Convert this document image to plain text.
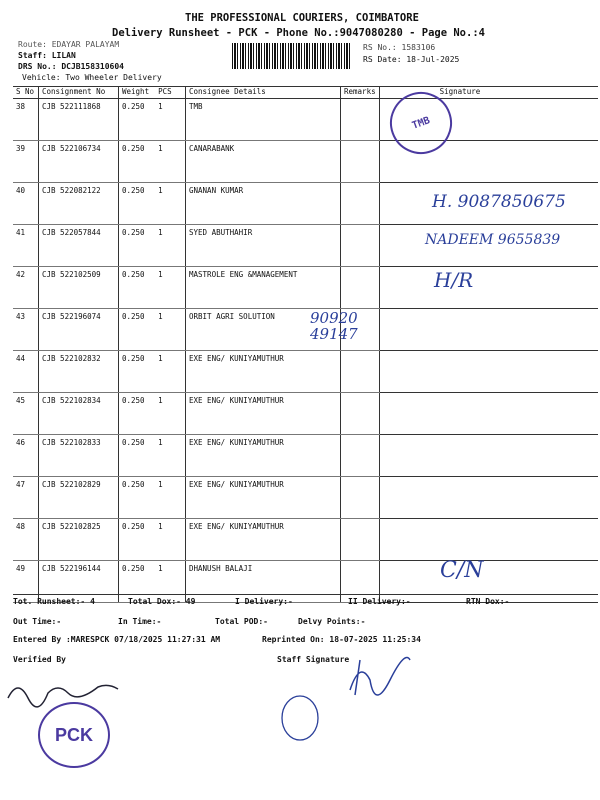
THE PROFESSIONAL COURIERS, COIMBATORE
Delivery Runsheet - PCK - Phone No.:9047080280 - Page No.:4
Route: EDAYAR PALAYAM
Staff: LILAN
DRS No.: DCJB158310604
Vehicle: Two Wheeler Delivery
RS No.: 1583106
RS Date: 18-Jul-2025
S No	Consignment No	Weight PCS	Consignee Details	Remarks	Signature
38	CJB 522111868	0.250 1	TMB		
39	CJB 522106734	0.250 1	CANARABANK		
40	CJB 522082122	0.250 1	GNANAN KUMAR		
41	CJB 522057844	0.250 1	SYED ABUTHAHIR		
42	CJB 522102509	0.250 1	MASTROLE ENG &MANAGEMENT		
43	CJB 522196074	0.250 1	ORBIT AGRI SOLUTION		
44	CJB 522102832	0.250 1	EXE ENG/ KUNIYAMUTHUR		
45	CJB 522102834	0.250 1	EXE ENG/ KUNIYAMUTHUR		
46	CJB 522102833	0.250 1	EXE ENG/ KUNIYAMUTHUR		
47	CJB 522102829	0.250 1	EXE ENG/ KUNIYAMUTHUR		
48	CJB 522102825	0.250 1	EXE ENG/ KUNIYAMUTHUR		
49	CJB 522196144	0.250 1	DHANUSH BALAJI		
TMB
H. 9087850675
NADEEM 9655839
H/R
90920 49147
C/N
Tot. Runsheet:- 4	Total Dox:- 49	I Delivery:-	II Delivery:-	RTN Dox:-
Out Time:-	In Time:-	Total POD:-	Delvy Points:-
Entered By :MARESPCK 07/18/2025 11:27:31 AM	Reprinted On: 18-07-2025 11:25:34
Verified By	Staff Signature
PCK
